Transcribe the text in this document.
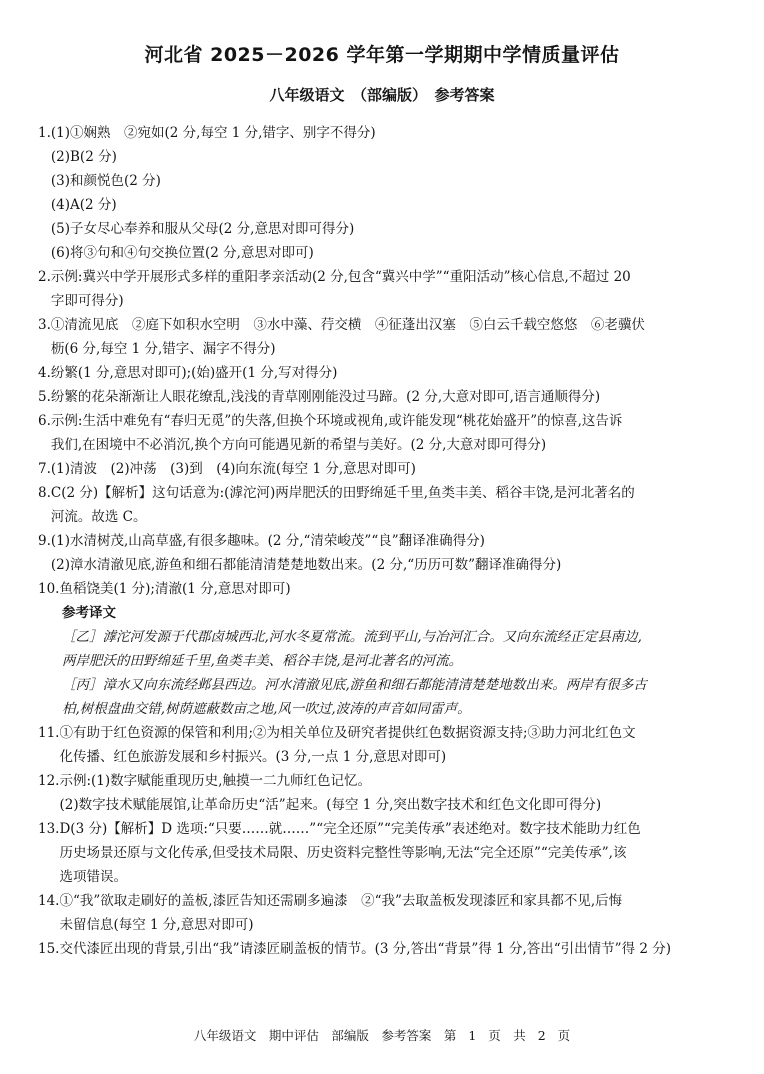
河北省 2025－2026 学年第一学期期中学情质量评估
八年级语文　（部编版）　参考答案
1. (1)①娴熟　②宛如(2 分,每空 1 分,错字、别字不得分)
(2)B(2 分)
(3)和颜悦色(2 分)
(4)A(2 分)
(5)子女尽心奉养和服从父母(2 分,意思对即可得分)
(6)将③句和④句交换位置(2 分,意思对即可)
2. 示例:冀兴中学开展形式多样的重阳孝亲活动(2 分,包含“冀兴中学”“重阳活动”核心信息,不超过 20
字即可得分)
3. ①清流见底　②庭下如积水空明　③水中藻、荇交横　④征蓬出汉塞　⑤白云千载空悠悠　⑥老骥伏
枥(6 分,每空 1 分,错字、漏字不得分)
4. 纷繁(1 分,意思对即可);(始)盛开(1 分,写对得分)
5. 纷繁的花朵渐渐让人眼花缭乱,浅浅的青草刚刚能没过马蹄。(2 分,大意对即可,语言通顺得分)
6. 示例:生活中难免有“春归无觅”的失落,但换个环境或视角,或许能发现“桃花始盛开”的惊喜,这告诉
我们,在困境中不必消沉,换个方向可能遇见新的希望与美好。(2 分,大意对即可得分)
7. (1)清波　(2)冲荡　(3)到　(4)向东流(每空 1 分,意思对即可)
8. C(2 分)【解析】这句话意为:(滹沱河)两岸肥沃的田野绵延千里,鱼类丰美、稻谷丰饶,是河北著名的
河流。故选 C。
9. (1)水清树茂,山高草盛,有很多趣味。(2 分,“清荣峻茂”“良”翻译准确得分)
(2)漳水清澈见底,游鱼和细石都能清清楚楚地数出来。(2 分,“历历可数”翻译准确得分)
10. 鱼稻饶美(1 分);清澈(1 分,意思对即可)
参考译文
［乙］滹沱河发源于代郡卤城西北,河水冬夏常流。流到平山,与冶河汇合。又向东流经正定县南边,
两岸肥沃的田野绵延千里,鱼类丰美、稻谷丰饶,是河北著名的河流。
［丙］漳水又向东流经邺县西边。河水清澈见底,游鱼和细石都能清清楚楚地数出来。两岸有很多古
柏,树根盘曲交错,树荫遮蔽数亩之地,风一吹过,波涛的声音如同雷声。
11. ①有助于红色资源的保管和利用;②为相关单位及研究者提供红色数据资源支持;③助力河北红色文
化传播、红色旅游发展和乡村振兴。(3 分,一点 1 分,意思对即可)
12. 示例:(1)数字赋能重现历史,触摸一二九师红色记忆。
(2)数字技术赋能展馆,让革命历史“活”起来。(每空 1 分,突出数字技术和红色文化即可得分)
13. D(3 分)【解析】D 选项:“只要……就……”“完全还原”“完美传承”表述绝对。数字技术能助力红色
历史场景还原与文化传承,但受技术局限、历史资料完整性等影响,无法“完全还原”“完美传承”,该
选项错误。
14. ①“我”欲取走刷好的盖板,漆匠告知还需刷多遍漆　②“我”去取盖板发现漆匠和家具都不见,后悔
未留信息(每空 1 分,意思对即可)
15. 交代漆匠出现的背景,引出“我”请漆匠刷盖板的情节。(3 分,答出“背景”得 1 分,答出“引出情节”得 2 分)
八年级语文　期中评估　部编版　参考答案　第 1 页　共 2 页
